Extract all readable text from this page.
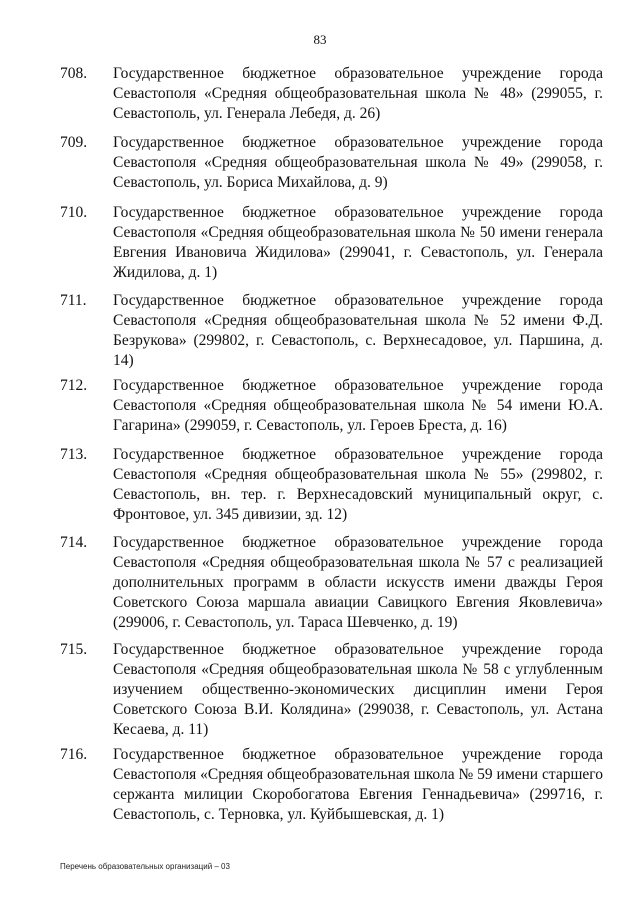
83
708. Государственное бюджетное образовательное учреждение города Севастополя «Средняя общеобразовательная школа № 48» (299055, г. Севастополь, ул. Генерала Лебедя, д. 26)
709. Государственное бюджетное образовательное учреждение города Севастополя «Средняя общеобразовательная школа № 49» (299058, г. Севастополь, ул. Бориса Михайлова, д. 9)
710. Государственное бюджетное образовательное учреждение города Севастополя «Средняя общеобразовательная школа № 50 имени генерала Евгения Ивановича Жидилова» (299041, г. Севастополь, ул. Генерала Жидилова, д. 1)
711. Государственное бюджетное образовательное учреждение города Севастополя «Средняя общеобразовательная школа № 52 имени Ф.Д. Безрукова» (299802, г. Севастополь, с. Верхнесадовое, ул. Паршина, д. 14)
712. Государственное бюджетное образовательное учреждение города Севастополя «Средняя общеобразовательная школа № 54 имени Ю.А. Гагарина» (299059, г. Севастополь, ул. Героев Бреста, д. 16)
713. Государственное бюджетное образовательное учреждение города Севастополя «Средняя общеобразовательная школа № 55» (299802, г. Севастополь, вн. тер. г. Верхнесадовский муниципальный округ, с. Фронтовое, ул. 345 дивизии, зд. 12)
714. Государственное бюджетное образовательное учреждение города Севастополя «Средняя общеобразовательная школа № 57 с реализацией дополнительных программ в области искусств имени дважды Героя Советского Союза маршала авиации Савицкого Евгения Яковлевича» (299006, г. Севастополь, ул. Тараса Шевченко, д. 19)
715. Государственное бюджетное образовательное учреждение города Севастополя «Средняя общеобразовательная школа № 58 с углубленным изучением общественно-экономических дисциплин имени Героя Советского Союза В.И. Колядина» (299038, г. Севастополь, ул. Астана Кесаева, д. 11)
716. Государственное бюджетное образовательное учреждение города Севастополя «Средняя общеобразовательная школа № 59 имени старшего сержанта милиции Скоробогатова Евгения Геннадьевича» (299716, г. Севастополь, с. Терновка, ул. Куйбышевская, д. 1)
Перечень образовательных организаций – 03
